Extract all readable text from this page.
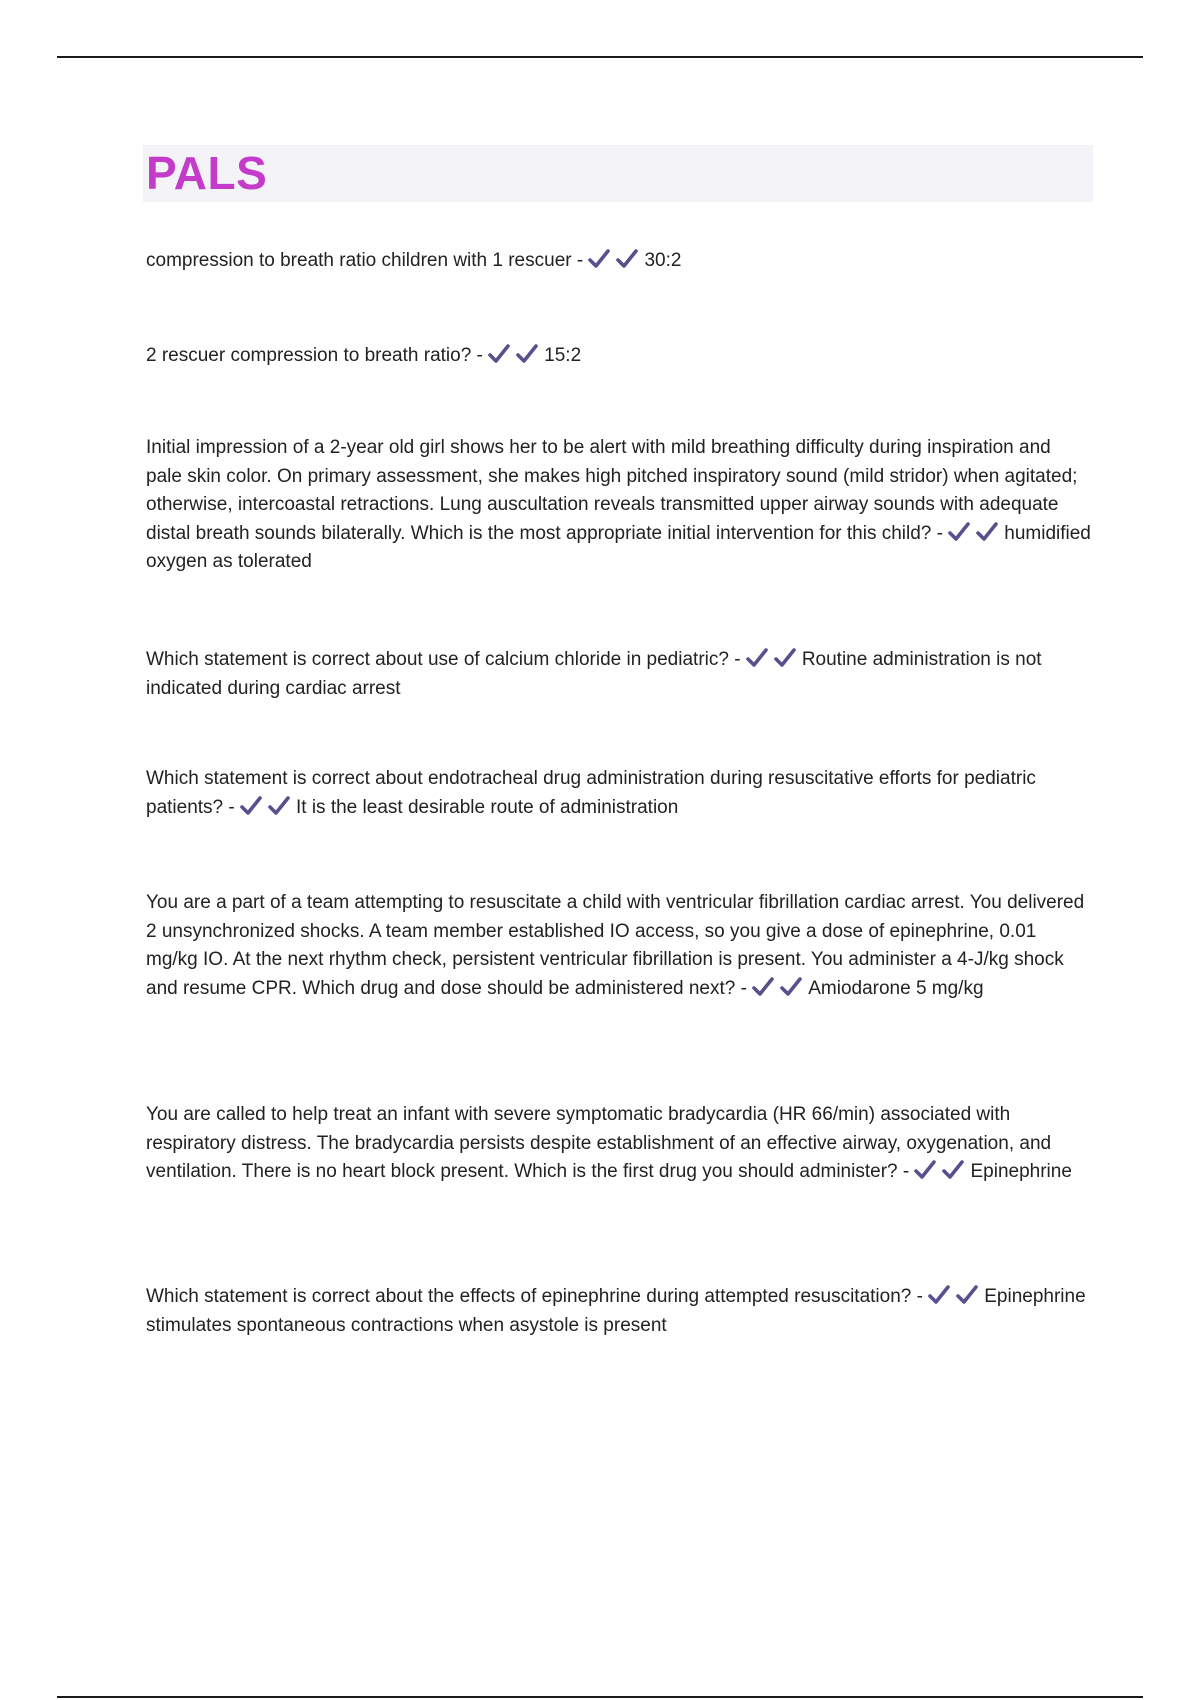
PALS
compression to breath ratio children with 1 rescuer -	30:2
2 rescuer compression to breath ratio? -	15:2
Initial impression of a 2-year old girl shows her to be alert with mild breathing difficulty during inspiration and pale skin color. On primary assessment, she makes high pitched inspiratory sound (mild stridor) when agitated; otherwise, intercoastal retractions. Lung auscultation reveals transmitted upper airway sounds with adequate distal breath sounds bilaterally. Which is the most appropriate initial intervention for this child? -	humidified oxygen as tolerated
Which statement is correct about use of calcium chloride in pediatric? -	Routine administration is not indicated during cardiac arrest
Which statement is correct about endotracheal drug administration during resuscitative efforts for pediatric patients? -	It is the least desirable route of administration
You are a part of a team attempting to resuscitate a child with ventricular fibrillation cardiac arrest. You delivered 2 unsynchronized shocks. A team member established IO access, so you give a dose of epinephrine, 0.01 mg/kg IO. At the next rhythm check, persistent ventricular fibrillation is present. You administer a 4-J/kg shock and resume CPR. Which drug and dose should be administered next? -	Amiodarone 5 mg/kg
You are called to help treat an infant with severe symptomatic bradycardia (HR 66/min) associated with respiratory distress. The bradycardia persists despite establishment of an effective airway, oxygenation, and ventilation. There is no heart block present. Which is the first drug you should administer? -	Epinephrine
Which statement is correct about the effects of epinephrine during attempted resuscitation? -	Epinephrine stimulates spontaneous contractions when asystole is present
